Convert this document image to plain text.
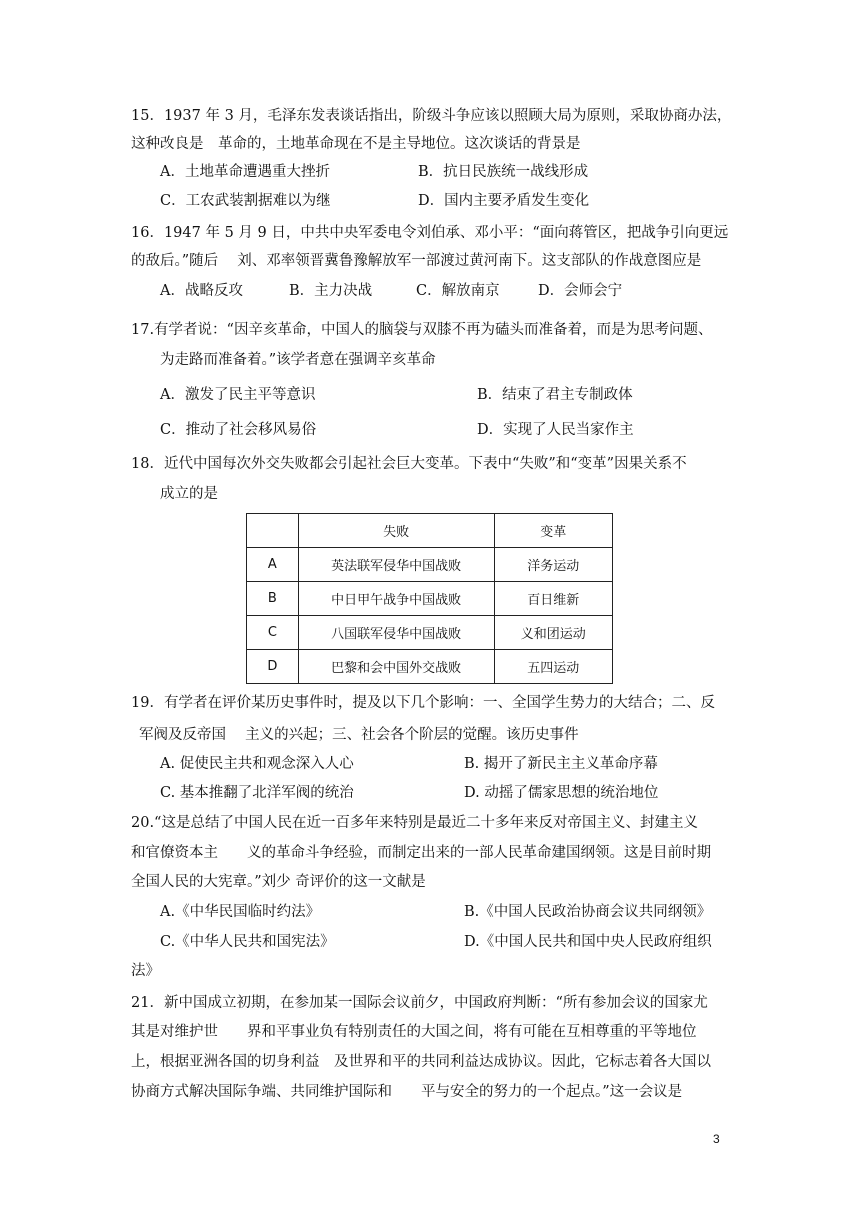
15．1937 年 3 月，毛泽东发表谈话指出，阶级斗争应该以照顾大局为原则，采取协商办法，
这种改良是　革命的，土地革命现在不是主导地位。这次谈话的背景是
A．土地革命遭遇重大挫折	B．抗日民族统一战线形成
C．工农武装割据难以为继	D．国内主要矛盾发生变化
16．1947 年 5 月 9 日，中共中央军委电令刘伯承、邓小平：“面向蒋管区，把战争引向更远
的敌后。”随后　 刘、邓率领晋冀鲁豫解放军一部渡过黄河南下。这支部队的作战意图应是
A．战略反攻	B．主力决战	C．解放南京	D．会师会宁
17.有学者说：“因辛亥革命，中国人的脑袋与双膝不再为磕头而准备着，而是为思考问题、
为走路而准备着。”该学者意在强调辛亥革命
A．激发了民主平等意识	B．结束了君主专制政体
C．推动了社会移风易俗	D．实现了人民当家作主
18．近代中国每次外交失败都会引起社会巨大变革。下表中“失败”和“变革”因果关系不
成立的是
	失败	变革
A	英法联军侵华中国战败	洋务运动
B	中日甲午战争中国战败	百日维新
C	八国联军侵华中国战败	义和团运动
D	巴黎和会中国外交战败	五四运动
19．有学者在评价某历史事件时，提及以下几个影响：一、全国学生势力的大结合；二、反
军阀及反帝国　 主义的兴起；三、社会各个阶层的觉醒。该历史事件
A. 促使民主共和观念深入人心	B. 揭开了新民主主义革命序幕
C. 基本推翻了北洋军阀的统治	D. 动摇了儒家思想的统治地位
20.“这是总结了中国人民在近一百多年来特别是最近二十多年来反对帝国主义、封建主义
和官僚资本主　　义的革命斗争经验，而制定出来的一部人民革命建国纲领。这是目前时期
全国人民的大宪章。”刘少 奇评价的这一文献是
A.《中华民国临时约法》	B.《中国人民政治协商会议共同纲领》
C.《中华人民共和国宪法》	D.《中国人民共和国中央人民政府组织
法》
21．新中国成立初期，在参加某一国际会议前夕，中国政府判断：“所有参加会议的国家尤
其是对维护世　　界和平事业负有特别责任的大国之间，将有可能在互相尊重的平等地位
上，根据亚洲各国的切身利益　及世界和平的共同利益达成协议。因此，它标志着各大国以
协商方式解决国际争端、共同维护国际和　　平与安全的努力的一个起点。”这一会议是
3
